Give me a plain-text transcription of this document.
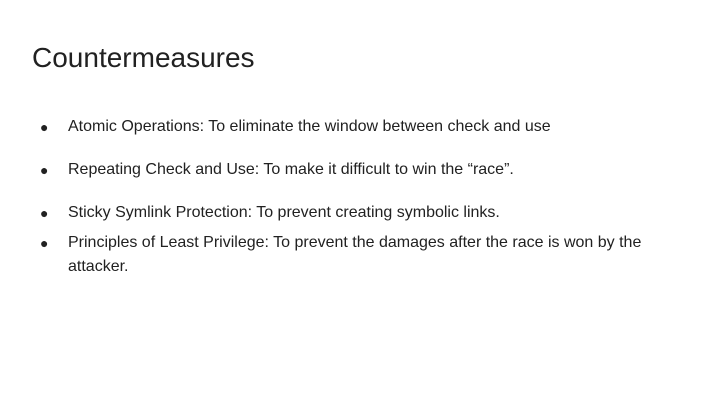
Countermeasures
● Atomic Operations: To eliminate the window between check and use
● Repeating Check and Use: To make it difficult to win the “race”.
● Sticky Symlink Protection: To prevent creating symbolic links.
● Principles of Least Privilege: To prevent the damages after the race is won by the attacker.
